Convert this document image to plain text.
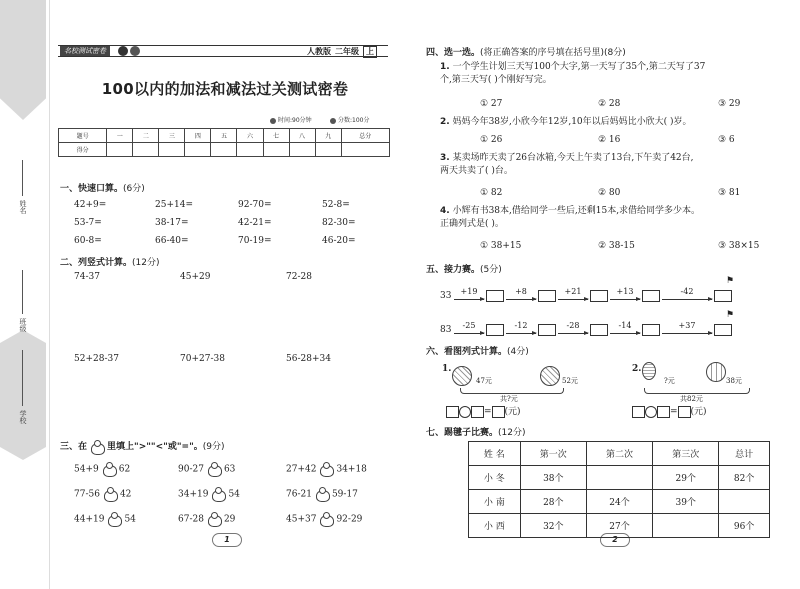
姓名
班级
学校
名校测试密卷	人教版 二年级 上
100以内的加法和减法过关测试密卷
时间:90分钟	分数:100分
题号	一	二	三	四	五	六	七	八	九	总分
得分										
一、快速口算。(6分)
42+9=	25+14=	92-70=	52-8=
53-7=	38-17=	42-21=	82-30=
60-8=	66-40=	70-19=	46-20=
二、列竖式计算。(12分)
74-37	45+29	72-28
52+28-37	70+27-38	56-28+34
三、在 里填上">""<"或"="。(9分)
54+9 62	90-27 63	27+42 34+18
77-56 42	34+19 54	76-21 59-17
44+19 54	67-28 29	45+37 92-29
1
四、选一选。(将正确答案的序号填在括号里)(8分)
1. 一个学生计划三天写100个大字,第一天写了35个,第二天写了37
个,第三天写( )个刚好写完。
① 27	② 28	③ 29
2. 妈妈今年38岁,小欣今年12岁,10年以后妈妈比小欣大( )岁。
① 26	② 16	③ 6
3. 某卖场昨天卖了26台冰箱,今天上午卖了13台,下午卖了42台,
两天共卖了( )台。
① 82	② 80	③ 81
4. 小辉有书38本,借给同学一些后,还剩15本,求借给同学多少本。
正确列式是( )。
① 38+15	② 38-15	③ 38×15
五、接力赛。(5分)
33	+19	+8	+21	+13	-42
⚑
83	-25	-12	-28	-14	+37
⚑
六、看图列式计算。(4分)
1.
47元	52元
共?元
= (元)
2.
?元	38元
共82元
= (元)
七、踢毽子比赛。(12分)
2
姓 名	第一次	第二次	第三次	总计
小 冬	38个		29个	82个
小 南	28个	24个	39个	
小 西	32个	27个		96个
